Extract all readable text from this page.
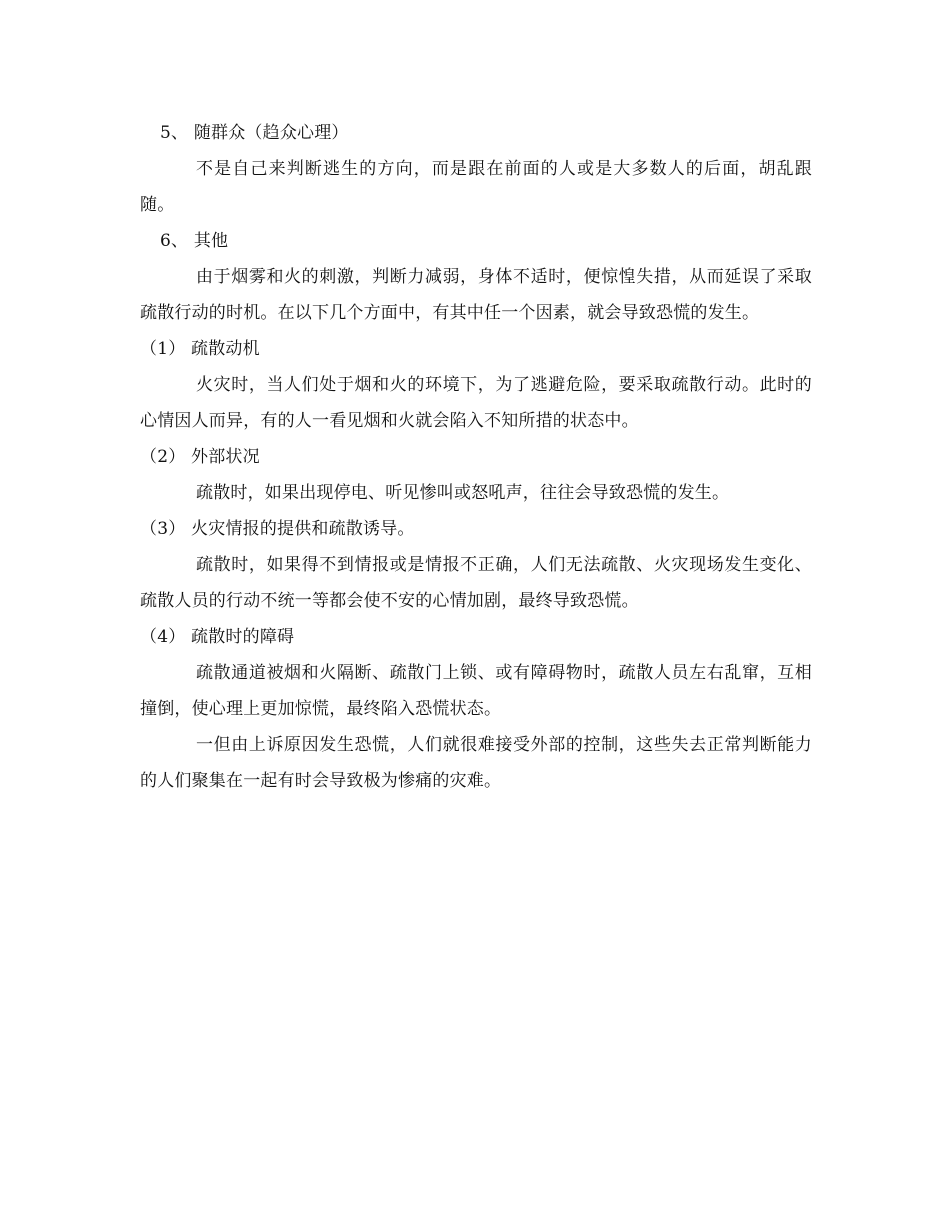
5、 随群众（趋众心理）

不是自己来判断逃生的方向，而是跟在前面的人或是大多数人的后面，胡乱跟随。

6、 其他

由于烟雾和火的刺激，判断力减弱，身体不适时，便惊惶失措，从而延误了采取疏散行动的时机。在以下几个方面中，有其中任一个因素，就会导致恐慌的发生。

（1） 疏散动机

火灾时，当人们处于烟和火的环境下，为了逃避危险，要采取疏散行动。此时的心情因人而异，有的人一看见烟和火就会陷入不知所措的状态中。

（2） 外部状况

疏散时，如果出现停电、听见惨叫或怒吼声，往往会导致恐慌的发生。

（3） 火灾情报的提供和疏散诱导。

疏散时，如果得不到情报或是情报不正确，人们无法疏散、火灾现场发生变化、疏散人员的行动不统一等都会使不安的心情加剧，最终导致恐慌。

（4） 疏散时的障碍

疏散通道被烟和火隔断、疏散门上锁、或有障碍物时，疏散人员左右乱窜，互相撞倒，使心理上更加惊慌，最终陷入恐慌状态。

一但由上诉原因发生恐慌，人们就很难接受外部的控制，这些失去正常判断能力的人们聚集在一起有时会导致极为惨痛的灾难。
